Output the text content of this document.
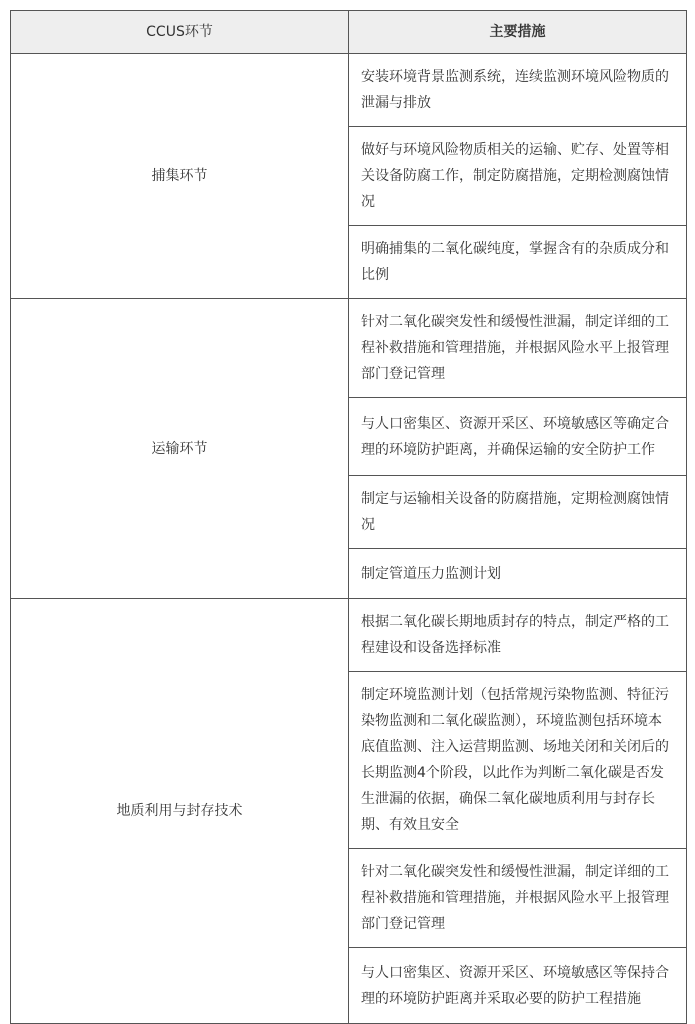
CCUS环节	主要措施
捕集环节	安装环境背景监测系统，连续监测环境风险物质的泄漏与排放
	做好与环境风险物质相关的运输、贮存、处置等相关设备防腐工作，制定防腐措施，定期检测腐蚀情况
	明确捕集的二氧化碳纯度，掌握含有的杂质成分和比例
运输环节	针对二氧化碳突发性和缓慢性泄漏，制定详细的工程补救措施和管理措施，并根据风险水平上报管理部门登记管理
	与人口密集区、资源开采区、环境敏感区等确定合理的环境防护距离，并确保运输的安全防护工作
	制定与运输相关设备的防腐措施，定期检测腐蚀情况
	制定管道压力监测计划
地质利用与封存技术	根据二氧化碳长期地质封存的特点，制定严格的工程建设和设备选择标准
	制定环境监测计划（包括常规污染物监测、特征污染物监测和二氧化碳监测），环境监测包括环境本底值监测、注入运营期监测、场地关闭和关闭后的长期监测4个阶段，以此作为判断二氧化碳是否发生泄漏的依据，确保二氧化碳地质利用与封存长期、有效且安全
	针对二氧化碳突发性和缓慢性泄漏，制定详细的工程补救措施和管理措施，并根据风险水平上报管理部门登记管理
	与人口密集区、资源开采区、环境敏感区等保持合理的环境防护距离并采取必要的防护工程措施
